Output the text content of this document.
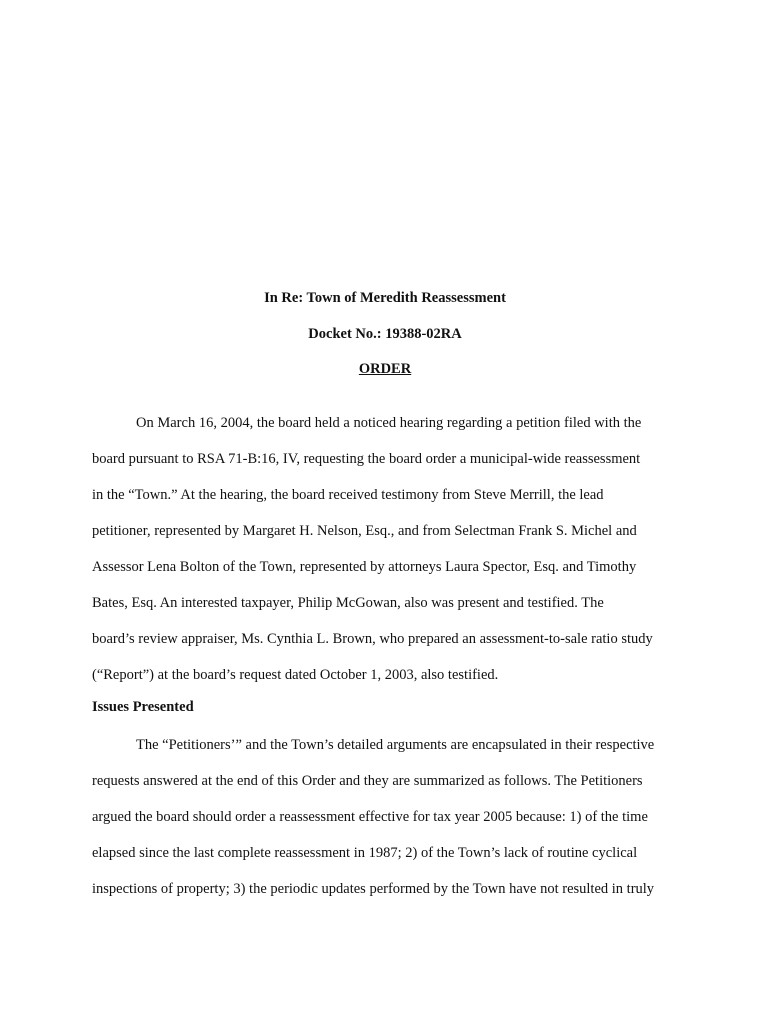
In Re: Town of Meredith Reassessment
Docket No.: 19388-02RA
ORDER
On March 16, 2004, the board held a noticed hearing regarding a petition filed with the
board pursuant to RSA 71-B:16, IV, requesting the board order a municipal-wide reassessment
in the “Town.” At the hearing, the board received testimony from Steve Merrill, the lead
petitioner, represented by Margaret H. Nelson, Esq., and from Selectman Frank S. Michel and
Assessor Lena Bolton of the Town, represented by attorneys Laura Spector, Esq. and Timothy
Bates, Esq. An interested taxpayer, Philip McGowan, also was present and testified. The
board’s review appraiser, Ms. Cynthia L. Brown, who prepared an assessment-to-sale ratio study
(“Report”) at the board’s request dated October 1, 2003, also testified.
Issues Presented
The “Petitioners’” and the Town’s detailed arguments are encapsulated in their respective
requests answered at the end of this Order and they are summarized as follows. The Petitioners
argued the board should order a reassessment effective for tax year 2005 because: 1) of the time
elapsed since the last complete reassessment in 1987; 2) of the Town’s lack of routine cyclical
inspections of property; 3) the periodic updates performed by the Town have not resulted in truly
